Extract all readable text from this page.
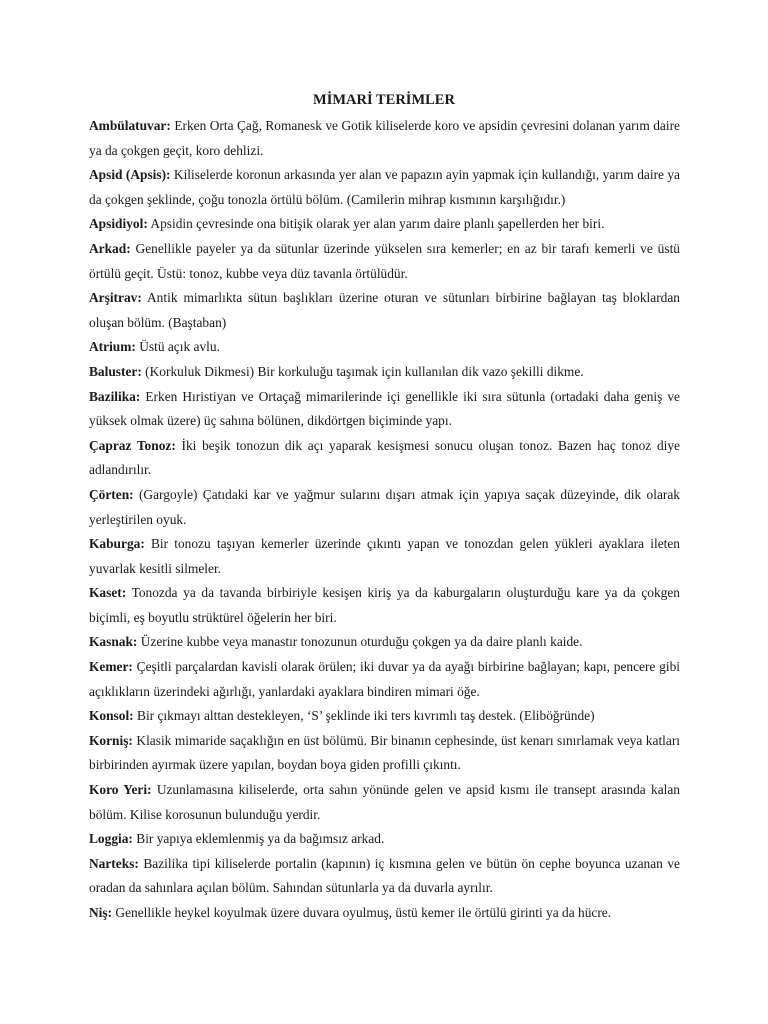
MİMARİ TERİMLER

Ambülatuvar: Erken Orta Çağ, Romanesk ve Gotik kiliselerde koro ve apsidin çevresini dolanan yarım daire ya da çokgen geçit, koro dehlizi.

Apsid (Apsis): Kiliselerde koronun arkasında yer alan ve papazın ayin yapmak için kullandığı, yarım daire ya da çokgen şeklinde, çoğu tonozla örtülü bölüm. (Camilerin mihrap kısmının karşılığıdır.)

Apsidiyol: Apsidin çevresinde ona bitişik olarak yer alan yarım daire planlı şapellerden her biri.

Arkad: Genellikle payeler ya da sütunlar üzerinde yükselen sıra kemerler; en az bir tarafı kemerli ve üstü örtülü geçit. Üstü: tonoz, kubbe veya düz tavanla örtülüdür.

Arşitrav: Antik mimarlıkta sütun başlıkları üzerine oturan ve sütunları birbirine bağlayan taş bloklardan oluşan bölüm. (Baştaban)

Atrium: Üstü açık avlu.

Baluster: (Korkuluk Dikmesi) Bir korkuluğu taşımak için kullanılan dik vazo şekilli dikme.

Bazilika: Erken Hıristiyan ve Ortaçağ mimarilerinde içi genellikle iki sıra sütunla (ortadaki daha geniş ve yüksek olmak üzere) üç sahına bölünen, dikdörtgen biçiminde yapı.

Çapraz Tonoz: İki beşik tonozun dik açı yaparak kesişmesi sonucu oluşan tonoz. Bazen haç tonoz diye adlandırılır.

Çörten: (Gargoyle) Çatıdaki kar ve yağmur sularını dışarı atmak için yapıya saçak düzeyinde, dik olarak yerleştirilen oyuk.

Kaburga: Bir tonozu taşıyan kemerler üzerinde çıkıntı yapan ve tonozdan gelen yükleri ayaklara ileten yuvarlak kesitli silmeler.

Kaset: Tonozda ya da tavanda birbiriyle kesişen kiriş ya da kaburgaların oluşturduğu kare ya da çokgen biçimli, eş boyutlu strüktürel öğelerin her biri.

Kasnak: Üzerine kubbe veya manastır tonozunun oturduğu çokgen ya da daire planlı kaide.

Kemer: Çeşitli parçalardan kavisli olarak örülen; iki duvar ya da ayağı birbirine bağlayan; kapı, pencere gibi açıklıkların üzerindeki ağırlığı, yanlardaki ayaklara bindiren mimari öğe.

Konsol: Bir çıkmayı alttan destekleyen, ‘S’ şeklinde iki ters kıvrımlı taş destek. (Eliböğründe)

Korniş: Klasik mimaride saçaklığın en üst bölümü. Bir binanın cephesinde, üst kenarı sınırlamak veya katları birbirinden ayırmak üzere yapılan, boydan boya giden profilli çıkıntı.

Koro Yeri: Uzunlamasına kiliselerde, orta sahın yönünde gelen ve apsid kısmı ile transept arasında kalan bölüm. Kilise korosunun bulunduğu yerdir.

Loggia: Bir yapıya eklemlenmiş ya da bağımsız arkad.

Narteks: Bazilika tipi kiliselerde portalin (kapının) iç kısmına gelen ve bütün ön cephe boyunca uzanan ve oradan da sahınlara açılan bölüm. Sahından sütunlarla ya da duvarla ayrılır.

Niş: Genellikle heykel koyulmak üzere duvara oyulmuş, üstü kemer ile örtülü girinti ya da hücre.
